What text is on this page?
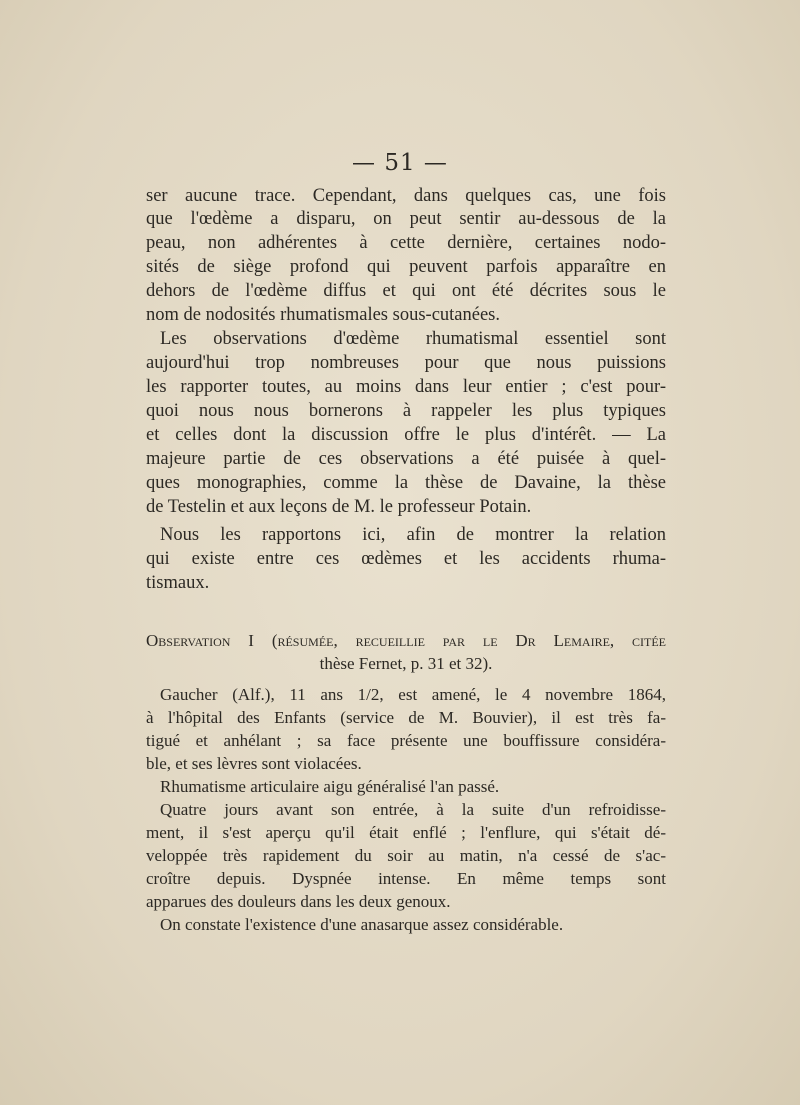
— 51 —
ser aucune trace. Cependant, dans quelques cas, une fois
que l'œdème a disparu, on peut sentir au-dessous de la
peau, non adhérentes à cette dernière, certaines nodo-
sités de siège profond qui peuvent parfois apparaître en
dehors de l'œdème diffus et qui ont été décrites sous le
nom de nodosités rhumatismales sous-cutanées.
Les observations d'œdème rhumatismal essentiel sont
aujourd'hui trop nombreuses pour que nous puissions
les rapporter toutes, au moins dans leur entier ; c'est pour-
quoi nous nous bornerons à rappeler les plus typiques
et celles dont la discussion offre le plus d'intérêt. — La
majeure partie de ces observations a été puisée à quel-
ques monographies, comme la thèse de Davaine, la thèse
de Testelin et aux leçons de M. le professeur Potain.
Nous les rapportons ici, afin de montrer la relation
qui existe entre ces œdèmes et les accidents rhuma-
tismaux.
Observation I (résumée, recueillie par le Dr Lemaire, citée
thèse Fernet, p. 31 et 32).
Gaucher (Alf.), 11 ans 1/2, est amené, le 4 novembre 1864,
à l'hôpital des Enfants (service de M. Bouvier), il est très fa-
tigué et anhélant ; sa face présente une bouffissure considéra-
ble, et ses lèvres sont violacées.
Rhumatisme articulaire aigu généralisé l'an passé.
Quatre jours avant son entrée, à la suite d'un refroidisse-
ment, il s'est aperçu qu'il était enflé ; l'enflure, qui s'était dé-
veloppée très rapidement du soir au matin, n'a cessé de s'ac-
croître depuis. Dyspnée intense. En même temps sont
apparues des douleurs dans les deux genoux.
On constate l'existence d'une anasarque assez considérable.
